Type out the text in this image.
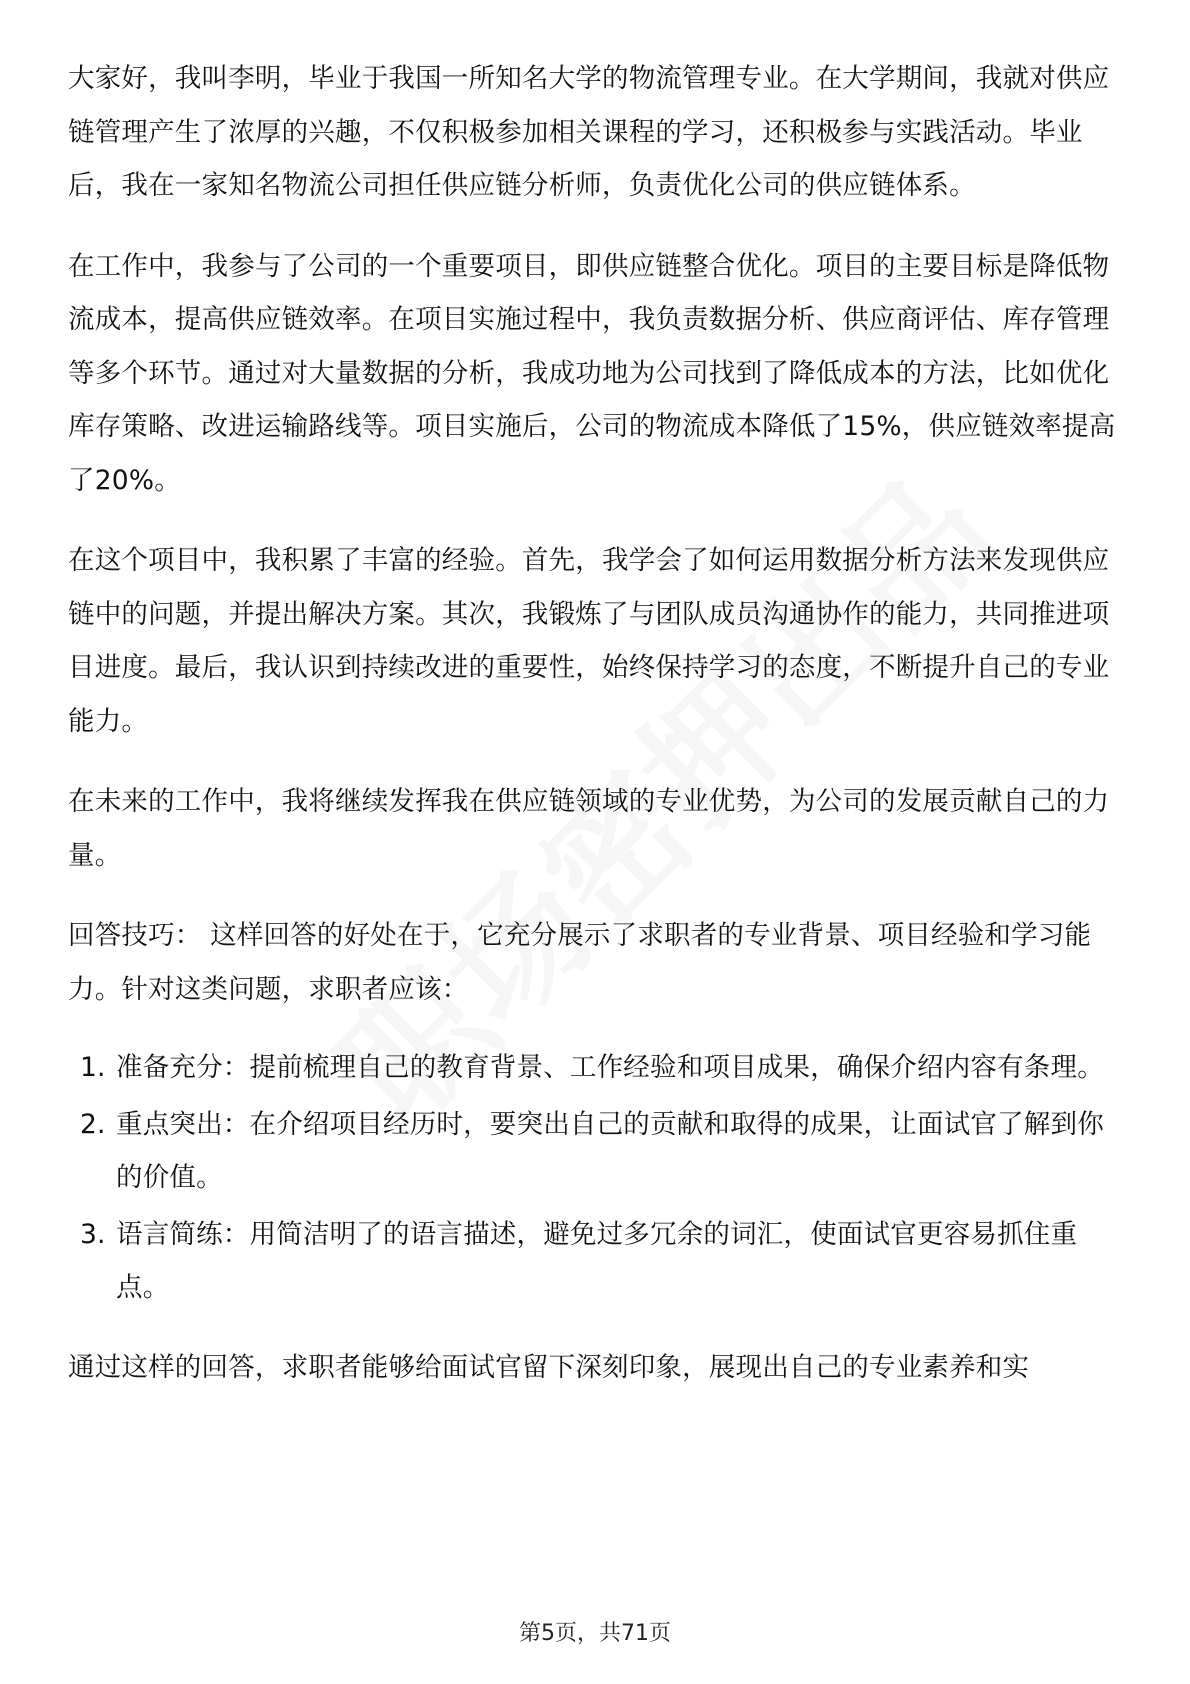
大家好，我叫李明，毕业于我国一所知名大学的物流管理专业。在大学期间，我就对供应链管理产生了浓厚的兴趣，不仅积极参加相关课程的学习，还积极参与实践活动。毕业后，我在一家知名物流公司担任供应链分析师，负责优化公司的供应链体系。

在工作中，我参与了公司的一个重要项目，即供应链整合优化。项目的主要目标是降低物流成本，提高供应链效率。在项目实施过程中，我负责数据分析、供应商评估、库存管理等多个环节。通过对大量数据的分析，我成功地为公司找到了降低成本的方法，比如优化库存策略、改进运输路线等。项目实施后，公司的物流成本降低了15%，供应链效率提高了20%。

在这个项目中，我积累了丰富的经验。首先，我学会了如何运用数据分析方法来发现供应链中的问题，并提出解决方案。其次，我锻炼了与团队成员沟通协作的能力，共同推进项目进度。最后，我认识到持续改进的重要性，始终保持学习的态度，不断提升自己的专业能力。

在未来的工作中，我将继续发挥我在供应链领域的专业优势，为公司的发展贡献自己的力量。

回答技巧： 这样回答的好处在于，它充分展示了求职者的专业背景、项目经验和学习能力。针对这类问题，求职者应该：

1. 准备充分：提前梳理自己的教育背景、工作经验和项目成果，确保介绍内容有条理。
2. 重点突出：在介绍项目经历时，要突出自己的贡献和取得的成果，让面试官了解到你的价值。
3. 语言简练：用简洁明了的语言描述，避免过多冗余的词汇，使面试官更容易抓住重点。

通过这样的回答，求职者能够给面试官留下深刻印象，展现出自己的专业素养和实

第5页，共71页
